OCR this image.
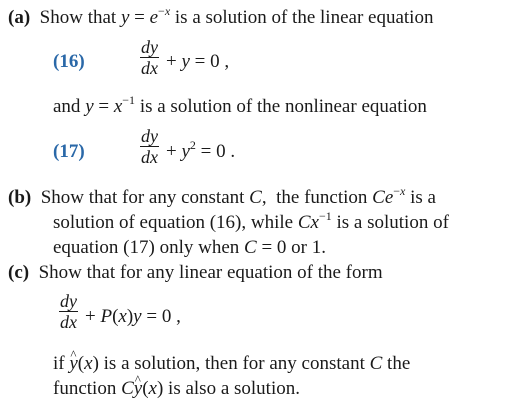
(a) Show that $y = e^{-x}$ is a solution of the linear equation
(16)
dy
dx + y = 0 ,
and $y = x^{-1}$ is a solution of the nonlinear equation
(17)
dy
dx + $y^2 = 0$ .
(b) Show that for any constant C,  the function $Ce^{-x}$ is a
solution of equation (16), while $Cx^{-1}$ is a solution of
equation (17) only when C = 0 or 1.
(c) Show that for any linear equation of the form
dy
dx + P(x)y = 0 ,
if ^ y(x) is a solution, then for any constant C the
function C^ y(x) is also a solution.
